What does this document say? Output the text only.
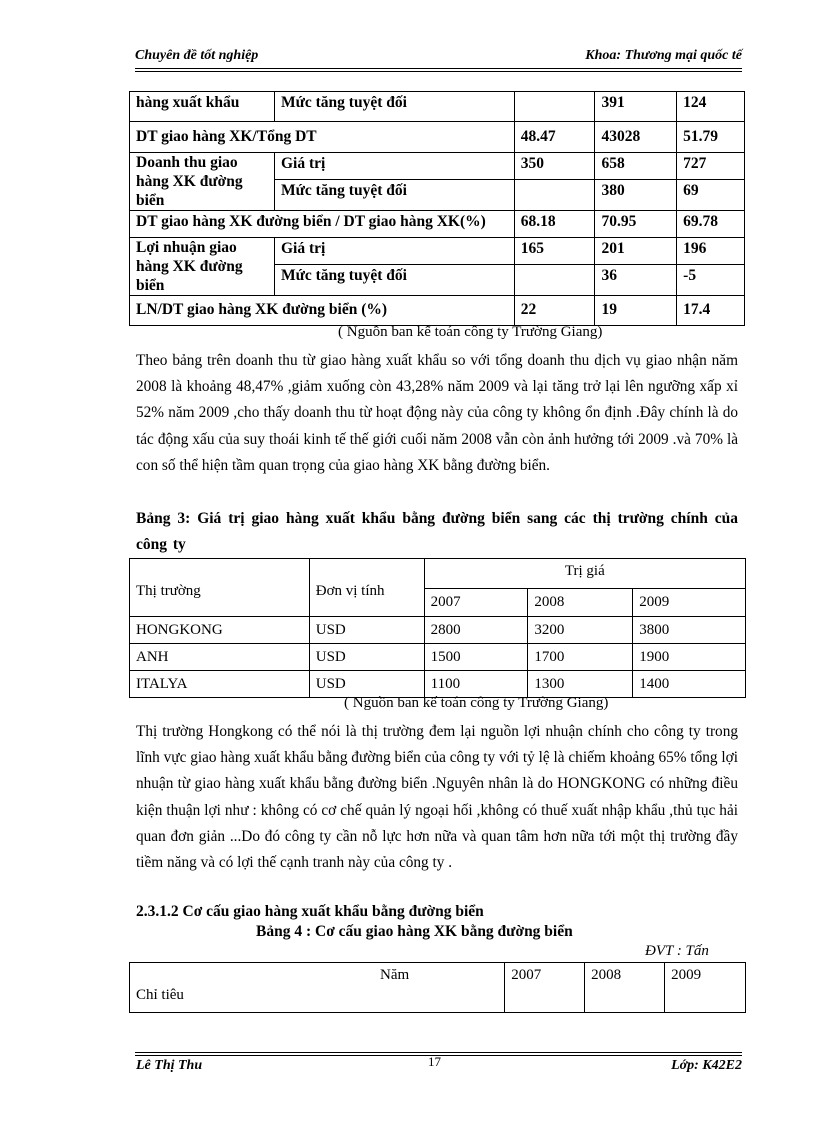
Chuyên đề tốt nghiệp	Khoa: Thương mại quốc tế
hàng xuất khẩu	Mức tăng tuyệt đối		391	124
DT giao hàng XK/Tổng DT		48.47	43028	51.79
Doanh thu giao hàng XK đường biển	Giá trị	350	658	727
	Mức tăng tuyệt đối		380	69
DT giao hàng XK đường biển / DT giao hàng XK(%)		68.18	70.95	69.78
Lợi nhuận giao hàng XK đường biển	Giá trị	165	201	196
	Mức tăng tuyệt đối		36	-5
LN/DT giao hàng XK đường biển (%)		22	19	17.4
( Nguồn ban kế toán công ty Trường Giang)
Theo bảng trên doanh thu từ giao hàng xuất khẩu so với tổng doanh thu dịch vụ giao nhận năm 2008 là khoảng 48,47% ,giảm xuống còn 43,28% năm 2009 và lại tăng trở lại lên ngưỡng xấp xỉ 52% năm 2009 ,cho thấy doanh thu từ hoạt động này của công ty không ổn định .Đây chính là do tác động xấu của suy thoái kinh tế thế giới cuối năm 2008 vẫn còn ảnh hưởng tới 2009 .và 70% là con số thể hiện tầm quan trọng của giao hàng XK bằng đường biển.
Bảng 3: Giá trị giao hàng xuất khẩu bằng đường biển sang các thị trường chính của công ty
Thị trường	Đơn vị tính	Trị giá		
		2007	2008	2009
HONGKONG	USD	2800	3200	3800
ANH	USD	1500	1700	1900
ITALYA	USD	1100	1300	1400
( Nguồn ban kế toán công ty Trường Giang)
Thị trường Hongkong có thể nói là thị trường đem lại nguồn lợi nhuận chính cho công ty trong lĩnh vực giao hàng xuất khẩu bằng đường biển của công ty với tỷ lệ là chiếm khoảng 65% tổng lợi nhuận từ giao hàng xuất khẩu bằng đường biển .Nguyên nhân là do HONGKONG có những điều kiện thuận lợi như : không có cơ chế quản lý ngoại hối ,không có thuế xuất nhập khẩu ,thủ tục hải quan đơn giản ...Do đó công ty cần nỗ lực hơn nữa và quan tâm hơn nữa tới một thị trường đầy tiềm năng và có lợi thế cạnh tranh này của công ty .
2.3.1.2 Cơ cấu giao hàng xuất khẩu bằng đường biển
Bảng 4 : Cơ cấu giao hàng XK bằng đường biển
ĐVT : Tấn
Năm
Chỉ tiêu
	2007	2008	2009
Lê Thị Thu	17	Lớp: K42E2
